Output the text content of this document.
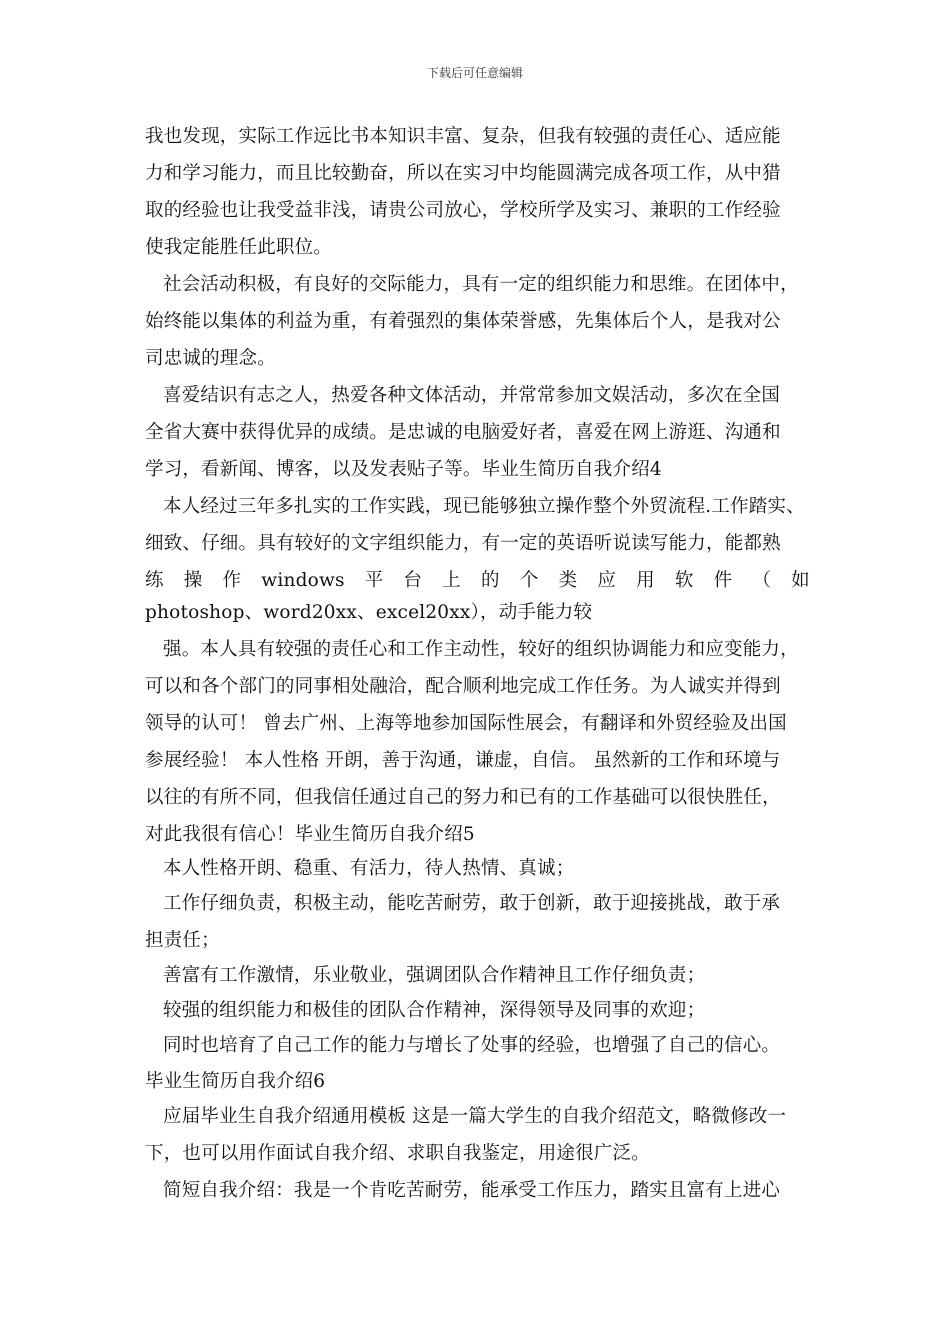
下载后可任意编辑
我也发现，实际工作远比书本知识丰富、复杂，但我有较强的责任心、适应能
力和学习能力，而且比较勤奋，所以在实习中均能圆满完成各项工作，从中猎
取的经验也让我受益非浅，请贵公司放心，学校所学及实习、兼职的工作经验
使我定能胜任此职位。
社会活动积极，有良好的交际能力，具有一定的组织能力和思维。在团体中，
始终能以集体的利益为重，有着强烈的集体荣誉感，先集体后个人，是我对公
司忠诚的理念。
喜爱结识有志之人，热爱各种文体活动，并常常参加文娱活动，多次在全国
全省大赛中获得优异的成绩。是忠诚的电脑爱好者，喜爱在网上游逛、沟通和
学习，看新闻、博客，以及发表贴子等。毕业生简历自我介绍4
本人经过三年多扎实的工作实践，现已能够独立操作整个外贸流程.工作踏实、
细致、仔细。具有较好的文字组织能力，有一定的英语听说读写能力，能都熟
练 操 作 windows 平 台 上 的 个 类 应 用 软 件 （ 如
photoshop、word20xx、excel20xx），动手能力较
强。本人具有较强的责任心和工作主动性，较好的组织协调能力和应变能力，
可以和各个部门的同事相处融洽，配合顺利地完成工作任务。为人诚实并得到
领导的认可！ 曾去广州、上海等地参加国际性展会，有翻译和外贸经验及出国
参展经验！ 本人性格 开朗，善于沟通，谦虚，自信。 虽然新的工作和环境与
以往的有所不同，但我信任通过自己的努力和已有的工作基础可以很快胜任，
对此我很有信心！毕业生简历自我介绍5
本人性格开朗、稳重、有活力，待人热情、真诚；
工作仔细负责，积极主动，能吃苦耐劳，敢于创新，敢于迎接挑战，敢于承
担责任；
善富有工作激情，乐业敬业，强调团队合作精神且工作仔细负责；
较强的组织能力和极佳的团队合作精神，深得领导及同事的欢迎；
同时也培育了自己工作的能力与增长了处事的经验，也增强了自己的信心。
毕业生简历自我介绍6
应届毕业生自我介绍通用模板 这是一篇大学生的自我介绍范文，略微修改一
下，也可以用作面试自我介绍、求职自我鉴定，用途很广泛。
简短自我介绍：我是一个肯吃苦耐劳，能承受工作压力，踏实且富有上进心
